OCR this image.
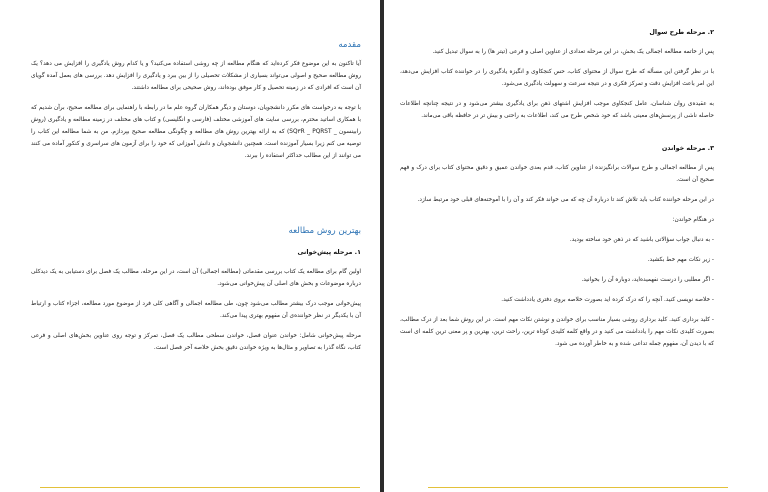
مقدمه

آیا تاکنون به این موضوع فکر کرده‌اید که هنگام مطالعه از چه روشی استفاده می‌کنید؟ و یا کدام روش یادگیری را افزایش می دهد؟ یک روش مطالعه صحیح و اصولی می‌تواند بسیاری از مشکلات تحصیلی را از بین ببرد و یادگیری را افزایش دهد. بررسی های بعمل آمده گویای آن است که افرادی که در زمینه تحصیل و کار موفق بوده‌اند، روش صحیحی برای مطالعه داشتند.

با توجه به درخواست های مکرر دانشجویان، دوستان و دیگر همکاران گروه علم ما در رابطه با راهنمایی برای مطالعه صحیح، برآن شدیم که با همکاری اساتید محترم، بررسی سایت های آموزشی مختلف (فارسی و انگلیسی) و کتاب های مختلف در زمینه مطالعه و یادگیری (روش رابینسون _ SQ۳R _ PQRST) که به ارائه بهترین روش های مطالعه و چگونگی مطالعه صحیح بپردازم. من به شما مطالعه این کتاب را توصیه می کنم زیرا بسیار آموزنده است. همچنین دانشجویان و دانش آموزانی که خود را برای آزمون های سراسری و کنکور آماده می کنند می توانند از این مطالب حداکثر استفاده را ببرند.

بهترین روش مطالعه
۱. مرحله پیش‌خوانی

اولین گام برای مطالعه یک کتاب بررسی مقدماتی (مطالعه اجمالی) آن است، در این مرحله، مطالب یک فصل برای دستیابی به یک دیدکلی درباره موضوعات و بخش های اصلی آن پیش‌خوانی می‌شود.

پیش‌خوانی موجب درک بیشتر مطالب می‌شود چون، طی مطالعه اجمالی و آگاهی کلی فرد از موضوع مورد مطالعه، اجزاء کتاب و ارتباط آن با یکدیگر در نظر خواننده‌ی آن مفهوم بهتری پیدا می‌کند.

مرحله پیش‌خوانی شامل: خواندن عنوان فصل، خواندن سطحی مطالب یک فصل، تمرکز و توجه روی عناوین بخش‌های اصلی و فرعی کتاب، نگاه گذرا به تصاویر و مثال‌ها به ویژه خواندن دقیق بخش خلاصه آخر فصل است.

۲. مرحله طرح سوال

پس از خاتمه مطالعه اجمالی یک بخش، در این مرحله تعدادی از عناوین اصلی و فرعی (تیتر ها) را به سوال تبدیل کنید.

با در نظر گرفتن این مسأله که طرح سوال از محتوای کتاب، حس کنجکاوی و انگیزه یادگیری را در خواننده کتاب افزایش می‌دهد، این امر باعث افزایش دقت و تمرکز فکری و در نتیجه سرعت و سهولت یادگیری می‌شود.

به عقیده‌ی روان شناسان، عامل کنجکاوی موجب افزایش اشتهای ذهن برای یادگیری بیشتر می‌شود و در نتیجه چنانچه اطلاعات حاصله ناشی از پرسش‌های معینی باشد که خود شخص طرح می کند، اطلاعات به راحتی و بیش تر در حافظه باقی می‌ماند.

۳. مرحله خواندن

پس از مطالعه اجمالی و طرح سوالات برانگیزنده از عناوین کتاب، قدم بعدی خواندن عمیق و دقیق محتوای کتاب برای درک و فهم صحیح آن است.

در این مرحله خواننده کتاب باید تلاش کند تا درباره آن چه که می خواند فکر کند و آن را با آموخته‌های قبلی خود مرتبط سازد.

در هنگام خواندن:

- به دنبال جواب سؤالاتی باشید که در ذهن خود ساخته بودید.

- زیر نکات مهم خط بکشید.

- اگر مطلبی را درست نفهمیده‌اید، دوباره آن را بخوانید.

- خلاصه نویسی کنید. آنچه را که درک کرده اید بصورت خلاصه بروی دفتری یادداشت کنید.

- کلید برداری کنید. کلید برداری روشی بسیار مناسب برای خواندن و نوشتن نکات مهم است. در این روش شما بعد از درک مطالب، بصورت کلیدی نکات مهم را یادداشت می کنید و در واقع کلمه کلیدی کوتاه ترین، راحت ترین، بهترین و پر معنی ترین کلمه ای است که با دیدن آن، مفهوم جمله تداعی شده و به خاطر آورده می شود.
